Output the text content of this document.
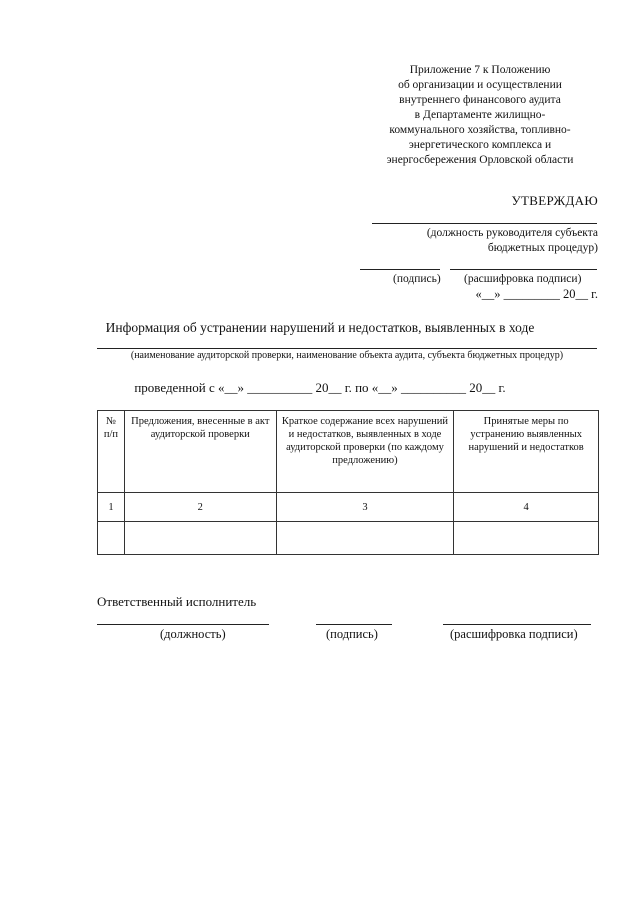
Приложение 7 к Положению
об организации и осуществлении
внутреннего финансового аудита
в Департаменте жилищно-
коммунального хозяйства, топливно-
энергетического комплекса и
энергосбережения Орловской области
УТВЕРЖДАЮ
(должность руководителя субъекта
бюджетных процедур)
(подпись) (расшифровка подписи)
«__» _________ 20__ г.
Информация об устранении нарушений и недостатков, выявленных в ходе
(наименование аудиторской проверки, наименование объекта аудита, субъекта бюджетных процедур)
проведенной с «__» __________ 20__ г. по «__» __________ 20__ г.
№ п/п	Предложения, внесенные в акт аудиторской проверки	Краткое содержание всех нарушений и недостатков, выявленных в ходе аудиторской проверки (по каждому предложению)	Принятые меры по устранению выявленных нарушений и недостатков
1	2	3	4

Ответственный исполнитель
(должность)	(подпись)	(расшифровка подписи)
